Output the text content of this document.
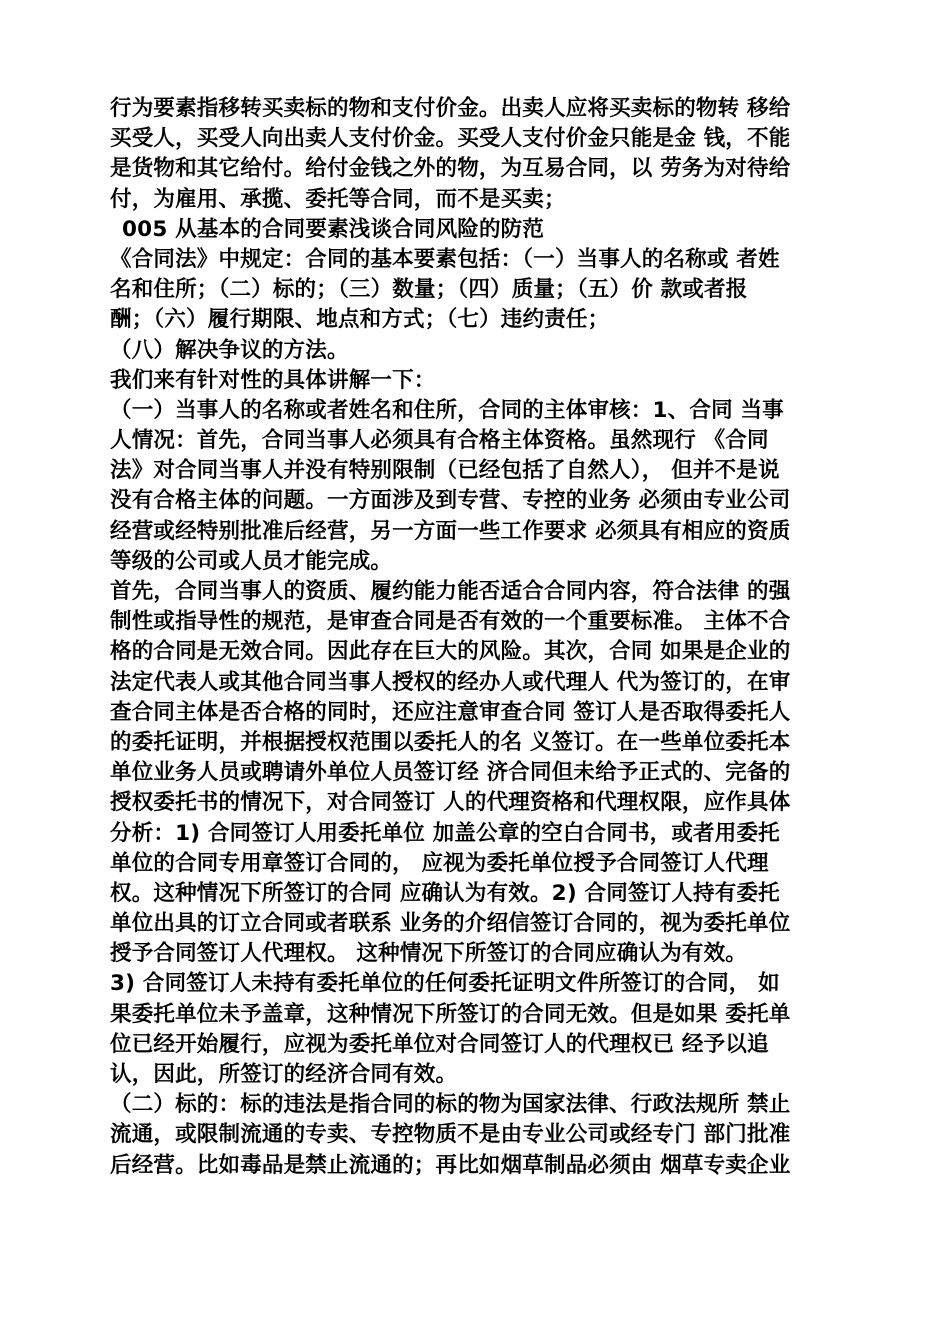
行为要素指移转买卖标的物和支付价金。出卖人应将买卖标的物转 移给
买受人，买受人向出卖人支付价金。买受人支付价金只能是金 钱，不能
是货物和其它给付。给付金钱之外的物，为互易合同，以 劳务为对待给
付，为雇用、承揽、委托等合同，而不是买卖；
005 从基本的合同要素浅谈合同风险的防范
《合同法》中规定：合同的基本要素包括：（一）当事人的名称或 者姓
名和住所；（二）标的；（三）数量；（四）质量；（五）价 款或者报
酬；（六）履行期限、地点和方式；（七）违约责任；
（八）解决争议的方法。
我们来有针对性的具体讲解一下：
（一）当事人的名称或者姓名和住所，合同的主体审核：1、合同 当事
人情况：首先，合同当事人必须具有合格主体资格。虽然现行 《合同
法》对合同当事人并没有特别限制（已经包括了自然人）， 但并不是说
没有合格主体的问题。一方面涉及到专营、专控的业务 必须由专业公司
经营或经特别批准后经营，另一方面一些工作要求 必须具有相应的资质
等级的公司或人员才能完成。
首先，合同当事人的资质、履约能力能否适合合同内容，符合法律 的强
制性或指导性的规范，是审查合同是否有效的一个重要标准。 主体不合
格的合同是无效合同。因此存在巨大的风险。其次，合同 如果是企业的
法定代表人或其他合同当事人授权的经办人或代理人 代为签订的，在审
查合同主体是否合格的同时，还应注意审查合同 签订人是否取得委托人
的委托证明，并根据授权范围以委托人的名 义签订。在一些单位委托本
单位业务人员或聘请外单位人员签订经 济合同但未给予正式的、完备的
授权委托书的情况下，对合同签订 人的代理资格和代理权限，应作具体
分析：1) 合同签订人用委托单位 加盖公章的空白合同书，或者用委托
单位的合同专用章签订合同的， 应视为委托单位授予合同签订人代理
权。这种情况下所签订的合同 应确认为有效。2) 合同签订人持有委托
单位出具的订立合同或者联系 业务的介绍信签订合同的，视为委托单位
授予合同签订人代理权。 这种情况下所签订的合同应确认为有效。
3) 合同签订人未持有委托单位的任何委托证明文件所签订的合同， 如
果委托单位未予盖章，这种情况下所签订的合同无效。但是如果 委托单
位已经开始履行，应视为委托单位对合同签订人的代理权已 经予以追
认，因此，所签订的经济合同有效。
（二）标的：标的违法是指合同的标的物为国家法律、行政法规所 禁止
流通，或限制流通的专卖、专控物质不是由专业公司或经专门 部门批准
后经营。比如毒品是禁止流通的；再比如烟草制品必须由 烟草专卖企业
